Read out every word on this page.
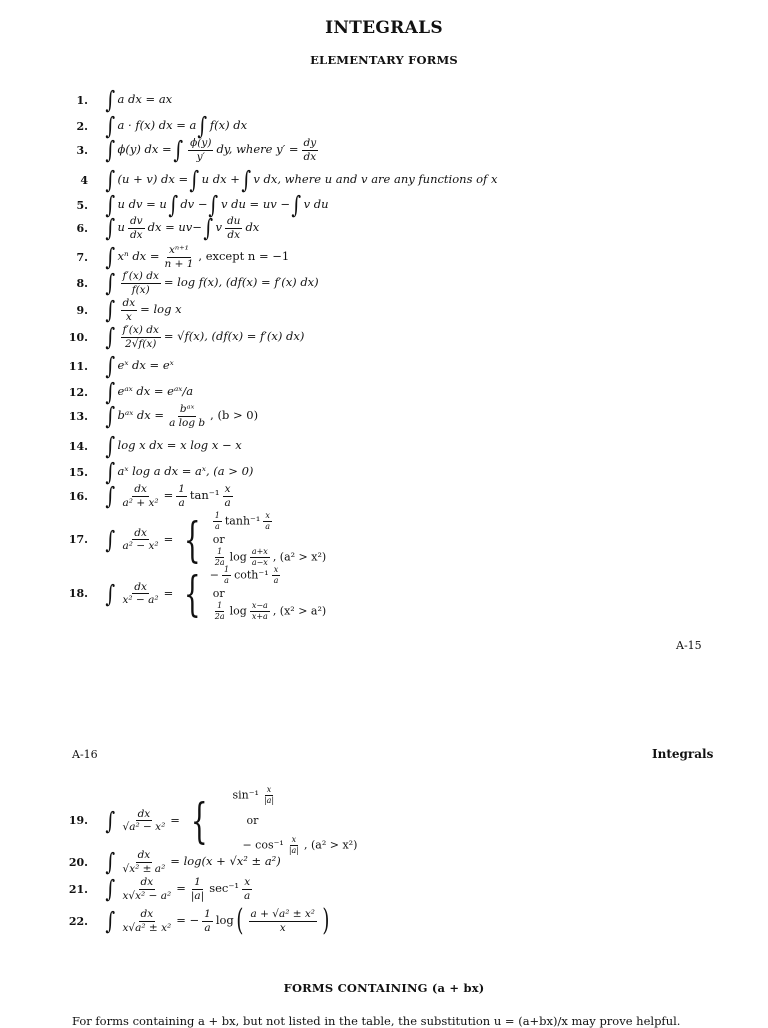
INTEGRALS
ELEMENTARY FORMS
1. ∫ a dx = ax
2. ∫ a · f(x) dx = a ∫ f(x) dx
3. ∫ ϕ(y) dx = ∫ $\frac{\phi(y)}{y'}$ dy, where $y' = \frac{dy}{dx}$
4 ∫ (u + v) dx = ∫ u dx + ∫ v dx, where u and v are any functions of x
5. ∫ u dv = u ∫ dv − ∫ v du = uv − ∫ v du
6. ∫ u $\frac{dv}{dx}$ dx = uv− ∫ v $\frac{du}{dx}$ dx
7. ∫ xⁿ dx = $\frac{\text{xⁿ⁺¹}}{n + 1}$ , except n = −1
8. ∫ $\frac{f'(x) dx}{f(x)} = \log f(x)$, (df(x) = f′(x) dx)
9. ∫ $\frac{dx}{x} = \log x$
10. ∫ $\frac{f'(x) dx}{2√f(x)} = √f(x)$, (df(x) = f′(x) dx)
11. ∫ eˣ dx = eˣ
12. ∫ eᵃˣ dx = eᵃˣ/a
13. ∫ bᵃˣ dx = $\frac{\text{bᵃˣ}}{\text{a log b}}$ , (b > 0)
14. ∫ log x dx = x log x − x
15. ∫ aˣ log a dx = aˣ, (a > 0)
16. ∫ $\frac{dx}{\text{a² + x²}} = \frac{1}{a} \tan^{-1} \frac{x}{a}$
17. ∫ $\frac{dx}{\text{a² − x²}}$ = { $\frac{1}{a} \tanh^{-1} \frac{x}{a}$
or
$\frac{1}{2a}$ $\log \frac{a+x}{a-x}$ , (a² > x²)
18. ∫ $\frac{dx}{\text{x² − a²}}$ = { − $\frac{1}{a} \cot h^{-1} \frac{x}{a}$
or
$\frac{1}{2a}$ $\log \frac{x-a}{x+a}$ , (x² > a²)
A-15
A-16	Integrals
19. ∫ $\frac{dx}{\text{√a² − x²}}$ = {	$\sin^{-1} \frac{x}{|a|}$
or
− $\cos^{-1} \frac{x}{|a|}$ , (a² > x²)
20. ∫ $\frac{dx}{\text{√x² ± a²}} = \log(x + √x^2 \pm a^2)$
21. ∫ $\frac{dx}{\text{x√x² − a²}} = \frac{1}{|a|} \sec^{-1} \frac{x}{a}$
22. ∫ $\frac{dx}{\text{x√a² ± x²}}$ = − $\frac{1}{a}$ log ( $\frac{\text{a + √a² ± x²}}{x}$ )
FORMS CONTAINING (a + bx)
For forms containing a + bx, but not listed in the table, the substitution u = (a+bx)/x may prove helpful.
